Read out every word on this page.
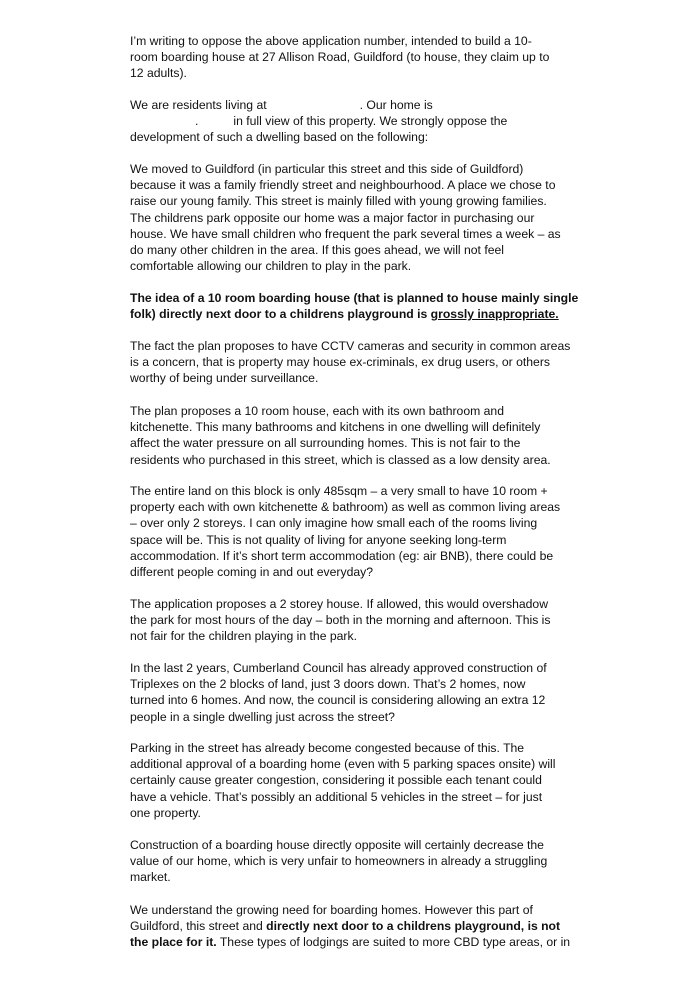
I’m writing to oppose the above application number, intended to build a 10-
room boarding house at 27 Allison Road, Guildford (to house, they claim up to
12 adults).
We are residents living at	. Our home is
.	in full view of this property. We strongly oppose the
development of such a dwelling based on the following:
We moved to Guildford (in particular this street and this side of Guildford)
because it was a family friendly street and neighbourhood. A place we chose to
raise our young family. This street is mainly filled with young growing families.
The childrens park opposite our home was a major factor in purchasing our
house. We have small children who frequent the park several times a week – as
do many other children in the area. If this goes ahead, we will not feel
comfortable allowing our children to play in the park.
The idea of a 10 room boarding house (that is planned to house mainly single
folk) directly next door to a childrens playground is grossly inappropriate.
The fact the plan proposes to have CCTV cameras and security in common areas
is a concern, that is property may house ex-criminals, ex drug users, or others
worthy of being under surveillance.
The plan proposes a 10 room house, each with its own bathroom and
kitchenette. This many bathrooms and kitchens in one dwelling will definitely
affect the water pressure on all surrounding homes. This is not fair to the
residents who purchased in this street, which is classed as a low density area.
The entire land on this block is only 485sqm – a very small to have 10 room +
property each with own kitchenette & bathroom) as well as common living areas
– over only 2 storeys. I can only imagine how small each of the rooms living
space will be. This is not quality of living for anyone seeking long-term
accommodation. If it’s short term accommodation (eg: air BNB), there could be
different people coming in and out everyday?
The application proposes a 2 storey house. If allowed, this would overshadow
the park for most hours of the day – both in the morning and afternoon. This is
not fair for the children playing in the park.
In the last 2 years, Cumberland Council has already approved construction of
Triplexes on the 2 blocks of land, just 3 doors down. That’s 2 homes, now
turned into 6 homes. And now, the council is considering allowing an extra 12
people in a single dwelling just across the street?
Parking in the street has already become congested because of this. The
additional approval of a boarding home (even with 5 parking spaces onsite) will
certainly cause greater congestion, considering it possible each tenant could
have a vehicle. That’s possibly an additional 5 vehicles in the street – for just
one property.
Construction of a boarding house directly opposite will certainly decrease the
value of our home, which is very unfair to homeowners in already a struggling
market.
We understand the growing need for boarding homes. However this part of
Guildford, this street and directly next door to a childrens playground, is not
the place for it. These types of lodgings are suited to more CBD type areas, or in
